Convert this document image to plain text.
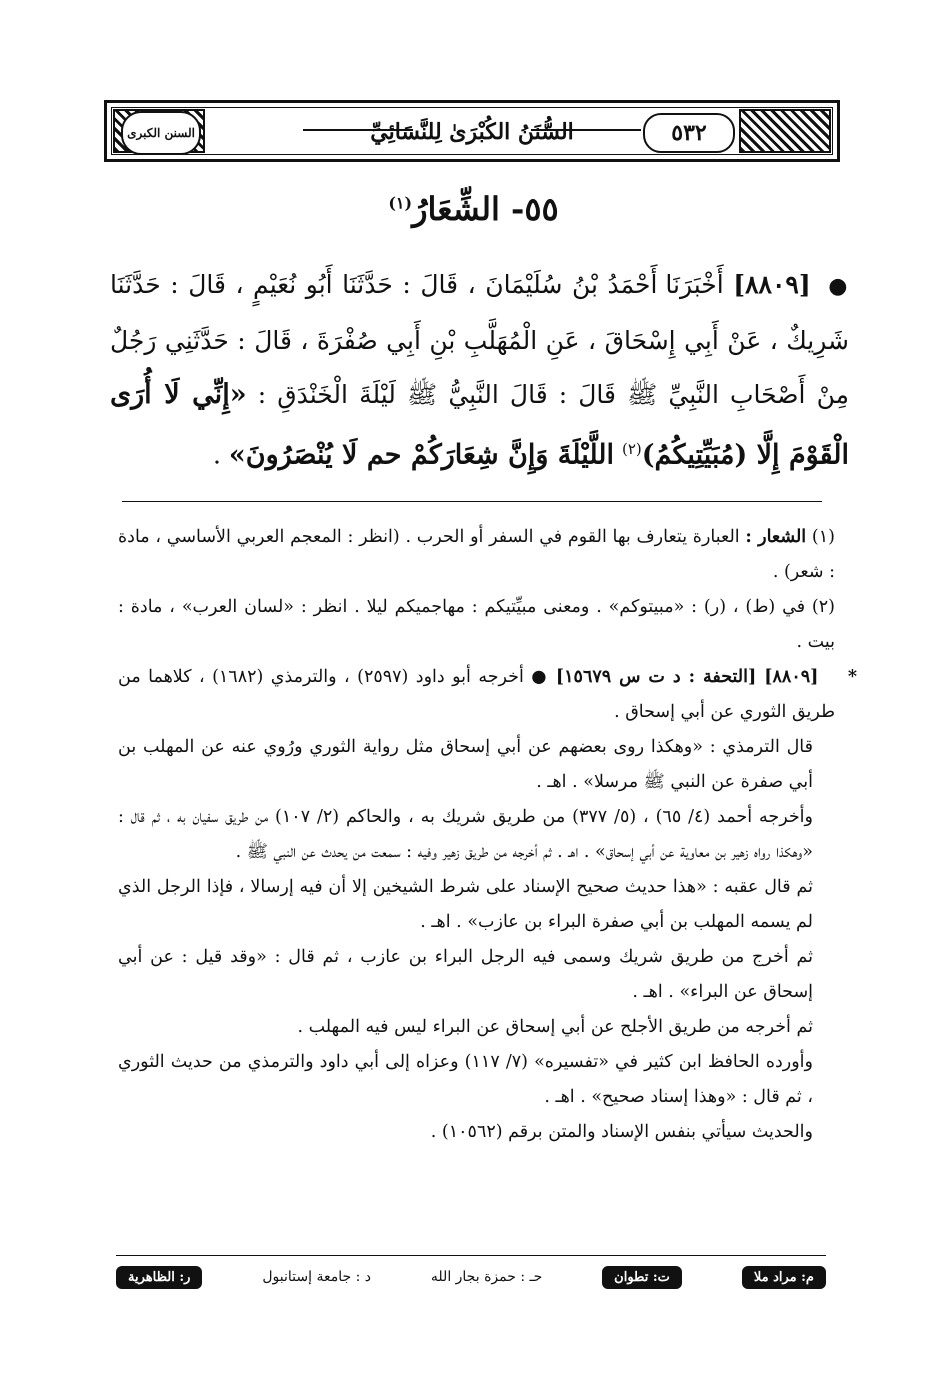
٥٣٢
السنن الكبرى	السُّنَنُ الكُبْرَىٰ لِلنَّسَائِيِّ
٥٥- الشِّعَارُ$^{(١)}$
● [٨٨٠٩] أَخْبَرَنَا أَحْمَدُ بْنُ سُلَيْمَانَ ، قَالَ : حَدَّثَنَا أَبُو نُعَيْمٍ ، قَالَ : حَدَّثَنَا شَرِيكٌ ، عَنْ أَبِي إِسْحَاقَ ، عَنِ الْمُهَلَّبِ بْنِ أَبِي صُفْرَةَ ، قَالَ : حَدَّثَنِي رَجُلٌ مِنْ أَصْحَابِ النَّبِيِّ ﷺ قَالَ : قَالَ النَّبِيُّ ﷺ لَيْلَةَ الْخَنْدَقِ : «إِنِّي لَا أُرَى الْقَوْمَ إِلَّا (مُبَيِّتِيكُمُ)$^{(٢)}$ اللَّيْلَةَ وَإِنَّ شِعَارَكُمْ حم لَا يُنْصَرُونَ» .

(١) الشعار : العبارة يتعارف بها القوم في السفر أو الحرب . (انظر : المعجم العربي الأساسي ، مادة : شعر) .

(٢) في (ط) ، (ر) : «مبيتوكم» . ومعنى مبيِّتيكم : مهاجميكم ليلا . انظر : «لسان العرب» ، مادة : بيت .

* [٨٨٠٩] [التحفة : د ت س ١٥٦٧٩] ● أخرجه أبو داود (٢٥٩٧) ، والترمذي (١٦٨٢) ، كلاهما من طريق الثوري عن أبي إسحاق .

قال الترمذي : «وهكذا روى بعضهم عن أبي إسحاق مثل رواية الثوري ورُوي عنه عن المهلب بن أبي صفرة عن النبي ﷺ مرسلا» . اهـ .

وأخرجه أحمد (٤/ ٦٥) ، (٥/ ٣٧٧) من طريق شريك به ، والحاكم (٢/ ١٠٧) من طريق سفيان به ، ثم قال : «وهكذا رواه زهير بن معاوية عن أبي إسحاق» . اهـ . ثم أخرجه من طريق زهير وفيه : سمعت من يحدث عن النبي ﷺ .

ثم قال عقبه : «هذا حديث صحيح الإسناد على شرط الشيخين إلا أن فيه إرسالا ، فإذا الرجل الذي لم يسمه المهلب بن أبي صفرة البراء بن عازب» . اهـ .

ثم أخرج من طريق شريك وسمى فيه الرجل البراء بن عازب ، ثم قال : «وقد قيل : عن أبي إسحاق عن البراء» . اهـ .

ثم أخرجه من طريق الأجلح عن أبي إسحاق عن البراء ليس فيه المهلب .

وأورده الحافظ ابن كثير في «تفسيره» (٧/ ١١٧) وعزاه إلى أبي داود والترمذي من حديث الثوري ، ثم قال : «وهذا إسناد صحيح» . اهـ .

والحديث سيأتي بنفس الإسناد والمتن برقم (١٠٥٦٢) .

م: مراد ملا
ت: تطوان
حـ : حمزة بجار الله
د : جامعة إستانبول
ر: الظاهرية
